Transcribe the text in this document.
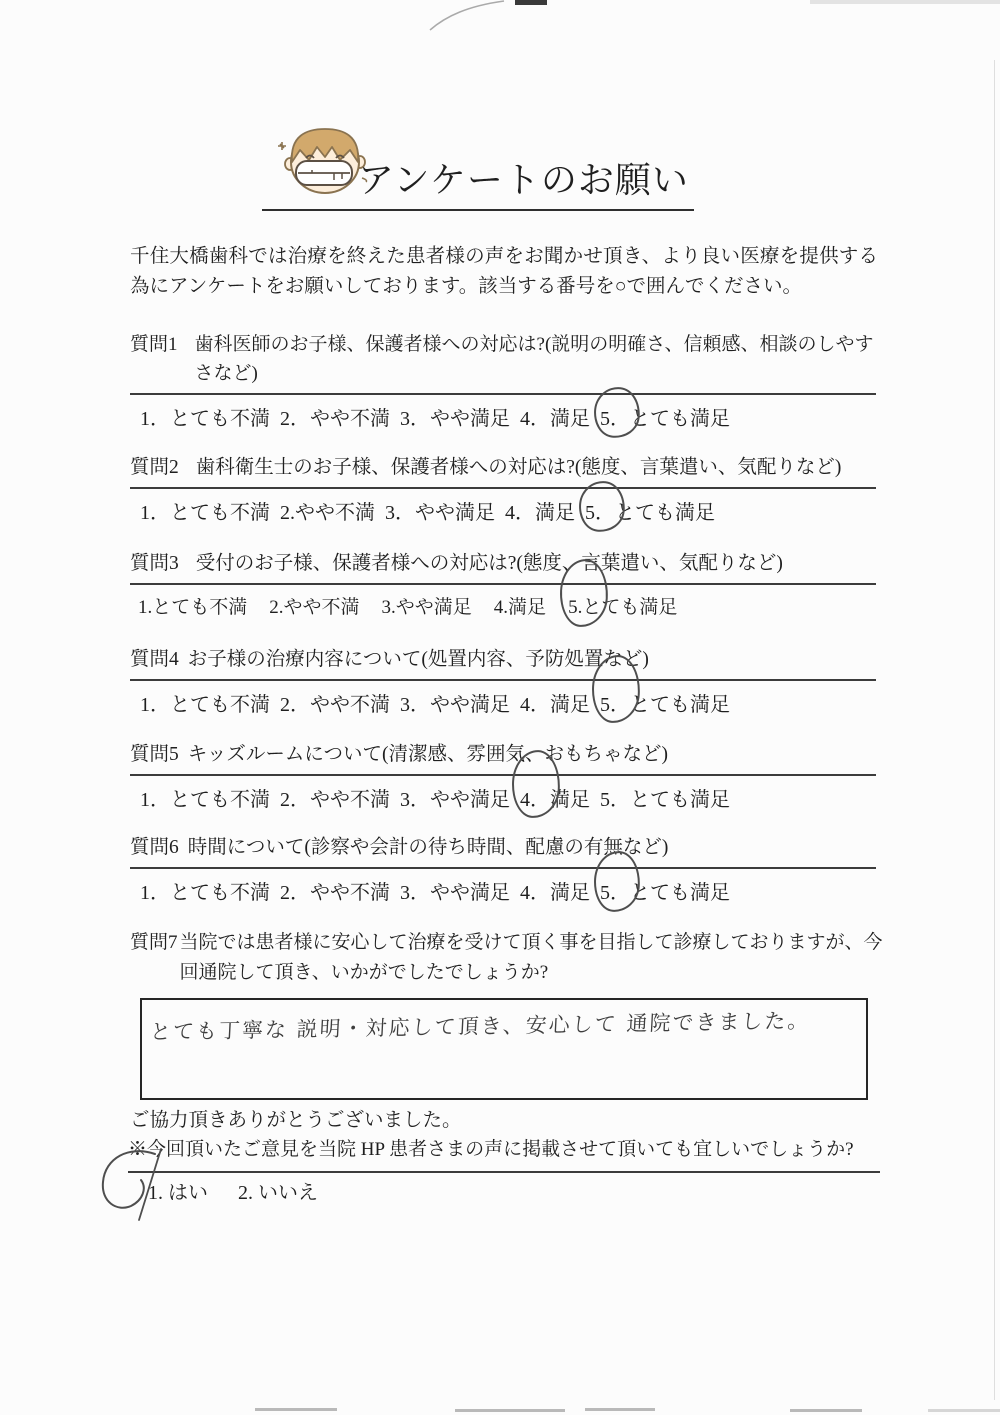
アンケートのお願い
千住大橋歯科では治療を終えた患者様の声をお聞かせ頂き、より良い医療を提供する為にアンケートをお願いしております。該当する番号を○で囲んでください。
質問1 歯科医師のお子様、保護者様への対応は?(説明の明確さ、信頼感、相談のしやすさなど)
1．とても不満 2．やや不満 3．やや満足 4．満足 5．とても満足
質問2 歯科衛生士のお子様、保護者様への対応は?(態度、言葉遣い、気配りなど)
1．とても不満 2.やや不満 3．やや満足 4．満足 5．とても満足
質問3 受付のお子様、保護者様への対応は?(態度、言葉遣い、気配りなど)
1.とても不満 2.やや不満 3.やや満足 4.満足 5.とても満足
質問4 お子様の治療内容について(処置内容、予防処置など)
1．とても不満 2．やや不満 3．やや満足 4．満足 5．とても満足
質問5 キッズルームについて(清潔感、雰囲気、おもちゃなど)
1．とても不満 2．やや不満 3．やや満足 4．満足 5．とても満足
質問6 時間について(診察や会計の待ち時間、配慮の有無など)
1．とても不満 2．やや不満 3．やや満足 4．満足 5．とても満足
質問7 当院では患者様に安心して治療を受けて頂く事を目指して診療しておりますが、今回通院して頂き、いかがでしたでしょうか?
とても丁寧な 説明・対応して頂き、安心して 通院できました。
ご協力頂きありがとうございました。
※今回頂いたご意見を当院 HP 患者さまの声に掲載させて頂いても宜しいでしょうか?
1. はい 2. いいえ
